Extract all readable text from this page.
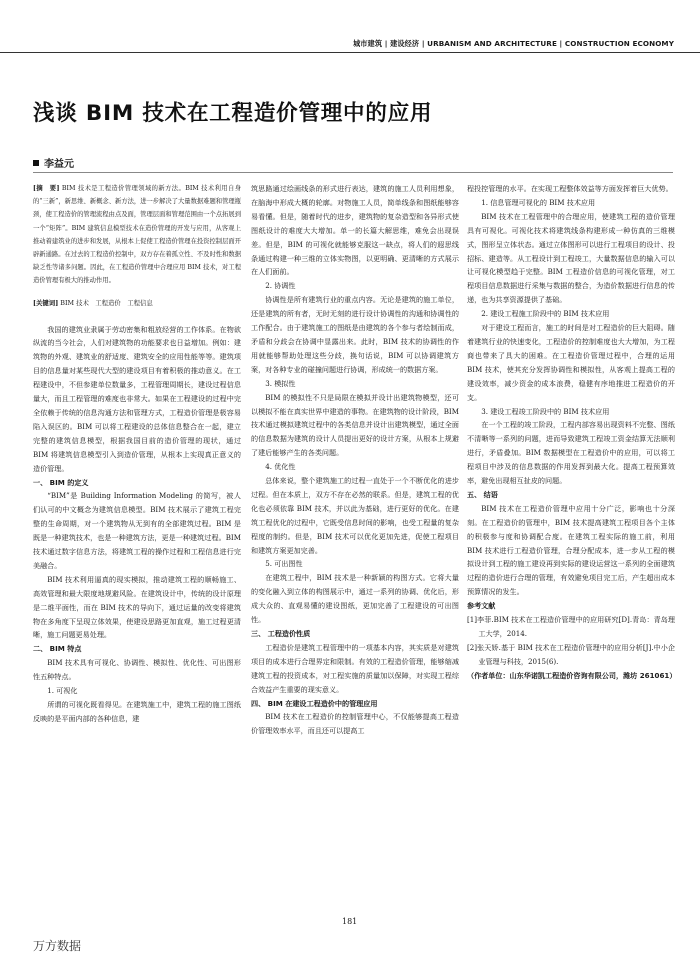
城市建筑 | 建设经济 | URBANISM AND ARCHITECTURE | CONSTRUCTION ECONOMY
浅谈 BIM 技术在工程造价管理中的应用
李益元

[摘　要] BIM 技术是工程造价管理领域的新方法。BIM 技术利用自身的“三新”，新思维、新概念、新方法，进一步解决了大量数据难题和管理瓶颈，使工程造价的管理流程由点及面，管理层面和管理范围由一个点拓展到一个“矩阵”。BIM 建筑信息模型技术在造价管理的开发与应用，从客观上推动着建筑业的进步和发展，从根本上促使工程造价管理在投资控制层面开辟新通路。在过去的工程造价控制中，双方存在着孤立性、不及时性和数据缺乏性等诸多问题。因此，在工程造价管理中合理应用 BIM 技术，对工程造价管理有极大的推动作用。

[关键词] BIM 技术　工程造价　工程信息

我国的建筑业隶属于劳动密集和粗放经营的工作体系。在物欲纵流的当今社会，人们对建筑物的功能要求也日益增加。例如：建筑物的外观、建筑业的舒适度、建筑安全的应用性能等等。建筑项目的信息量对某些现代大型的建设项目有着积极的推动意义。在工程建设中，不但参建单位数量多，工程管理周期长，建设过程信息量大，而且工程管理的难度也非常大。如果在工程建设的过程中完全依赖于传统的信息沟通方法和管理方式，工程造价管理是极容易陷入误区的。BIM 可以将工程建设的总体信息整合在一起，建立完整的建筑信息模型，根据我国目前的造价管理的现状，通过 BIM 将建筑信息模型引入到造价管理，从根本上实现真正意义的造价管理。

一、 BIM 的定义

“BIM”是 Building Information Modeling 的简写，被人们认可的中文概念为建筑信息模型。BIM 技术展示了建筑工程完整的生命周期，对一个建筑物从无到有的全部建筑过程。BIM 是既是一种建筑技术，也是一种建筑方法，更是一种建筑过程。BIM 技术通过数字信息方法，将建筑工程的操作过程和工程信息进行完美融合。

BIM 技术利用逼真的现实模拟，推动建筑工程的顺畅施工、高效管理和最大限度地规避风险。在建筑设计中，传统的设计原理是二维平面性，而在 BIM 技术的导向下，通过运量的改变将建筑物在多角度下呈现立体效果，使建设思路更加直观，施工过程更清晰，施工问题更易处理。

二、 BIM 特点

BIM 技术具有可视化、协调性、模拟性、优化性、可出图形性五种特点。

1. 可视化

所谓的可视化既看得见。在建筑施工中，建筑工程的施工图纸反映的是平面内部的各种信息，建

筑思路通过绘画线条的形式进行表达，建筑的施工人员利用想象，在脑海中形成大概的轮廓。对物施工人员，简单线条和图纸能够容易看懂。但是，随着时代的进步，建筑物的复杂造型和各异形式使图纸设计的难度大大增加。单一的长篇大解思维，难免会出现误差。但是，BIM 的可视化就能够克服这一缺点，将人们的遐思线条通过构建一种三维的立体实物图，以更明确、更清晰的方式展示在人们面前。

2. 协调性

协调性是所有建筑行业的重点内容。无论是建筑的施工单位，还是建筑的所有者，无时无刻的进行设计协调性的沟通和协调性的工作配合。由于建筑施工的图纸是由建筑的各个参与者绘制而成，矛盾和分歧会在协调中显露出来。此时，BIM 技术的协调性的作用就能够帮助处理这些分歧，换句话说，BIM 可以协调建筑方案，对各种专业的碰撞问题进行协调，形成统一的数据方案。

3. 模拟性

BIM 的模拟性不只是局限在模拟并设计出建筑物模型，还可以模拟不能在真实世界中建造的事物。在建筑物的设计阶段，BIM 技术通过模拟建筑过程中的各类信息并设计出建筑模型，通过全面的信息数据为建筑的设计人员提出更好的设计方案，从根本上规避了建后能够产生的各类问题。

4. 优化性

总体来说，整个建筑施工的过程一直处于一个不断优化的进步过程。但在本质上，双方不存在必然的联系。但是，建筑工程的优化也必须依靠 BIM 技术，并以此为基础，进行更好的优化。在建筑工程优化的过程中，它既受信息时间的影响，也受工程量的复杂程度的制约。但是，BIM 技术可以优化更加先进，促使工程项目和建筑方案更加完善。

5. 可出图性

在建筑工程中，BIM 技术是一种新颖的构图方式。它将大量的变化融入到立体的构图展示中，通过一系列的协调、优化后，形成大众的、直观易懂的建设图纸，更加完善了工程建设的可出图性。

三、 工程造价性质

工程造价是建筑工程管理中的一项基本内容，其实质是对建筑项目的成本进行合理界定和限制。有效的工程造价管理，能够缩减建筑工程的投资成本，对工程实施的质量加以保障，对实现工程综合效益产生重要的现实意义。

四、 BIM 在建设工程造价中的管理应用

BIM 技术在工程造价的控制管理中心，不仅能够提高工程造价管理效率水平，而且还可以提高工

程投控管理的水平。在实现工程整体效益等方面发挥着巨大优势。

1. 信息管理可视化的 BIM 技术应用

BIM 技术在工程管理中的合理应用，使建筑工程的造价管理具有可视化。可视化技术将建筑线条构建形成一种仿真的三维模式，图形呈立体状态。通过立体图形可以进行工程项目的设计、投招标、建造等。从工程设计到工程竣工，大量数据信息的输入可以让可视化模型趋于完整。BIM 工程造价信息的可视化管理，对工程项目信息数据进行采集与数据的整合，为造价数据进行信息的传递，也为共享资源提供了基础。

2. 建设工程施工阶段中的 BIM 技术应用

对于建设工程而言，施工的时间是对工程造价的巨大阻碍。随着建筑行业的快速变化，工程造价的控制难度也大大增加，为工程商也带来了具大的困难。在工程造价管理过程中，合理的运用 BIM 技术，使其充分发挥协调性和模拟性，从客观上提高工程的建设效率，减少资金的成本浪费，稳健有序地推进工程造价的开支。

3. 建设工程竣工阶段中的 BIM 技术应用

在一个工程的竣工阶段，工程内部容易出现资料不完整、图纸不清晰等一系列的问题，进而导致建筑工程竣工资金结算无法顺利进行，矛盾叠加。BIM 数据模型在工程造价中的应用，可以将工程项目中涉及的信息数据的作用发挥到最大化。提高工程预算效率，避免出现相互扯皮的问题。

五、 结语

BIM 技术在工程造价管理中应用十分广泛，影响也十分深刻。在工程造价的管理中，BIM 技术提高建筑工程项目各个主体的积极参与度和协调配合度。在建筑工程实际的施工前，利用 BIM 技术进行工程造价管理，合理分配成本，进一步从工程的模拟设计到工程的施工建设再到实际的建设运营这一系列的全面建筑过程的造价进行合理的管理，有效避免项目完工后，产生超出成本预算情况的发生。

参考文献

[1]李菲.BIM 技术在工程造价管理中的应用研究[D].青岛：青岛理工大学，2014.

[2]张天娇.基于 BIM 技术在工程造价管理中的应用分析[J].中小企业管理与科技，2015(6).

（作者单位：山东华诺凯工程造价咨询有限公司，潍坊 261061）

181
万方数据
